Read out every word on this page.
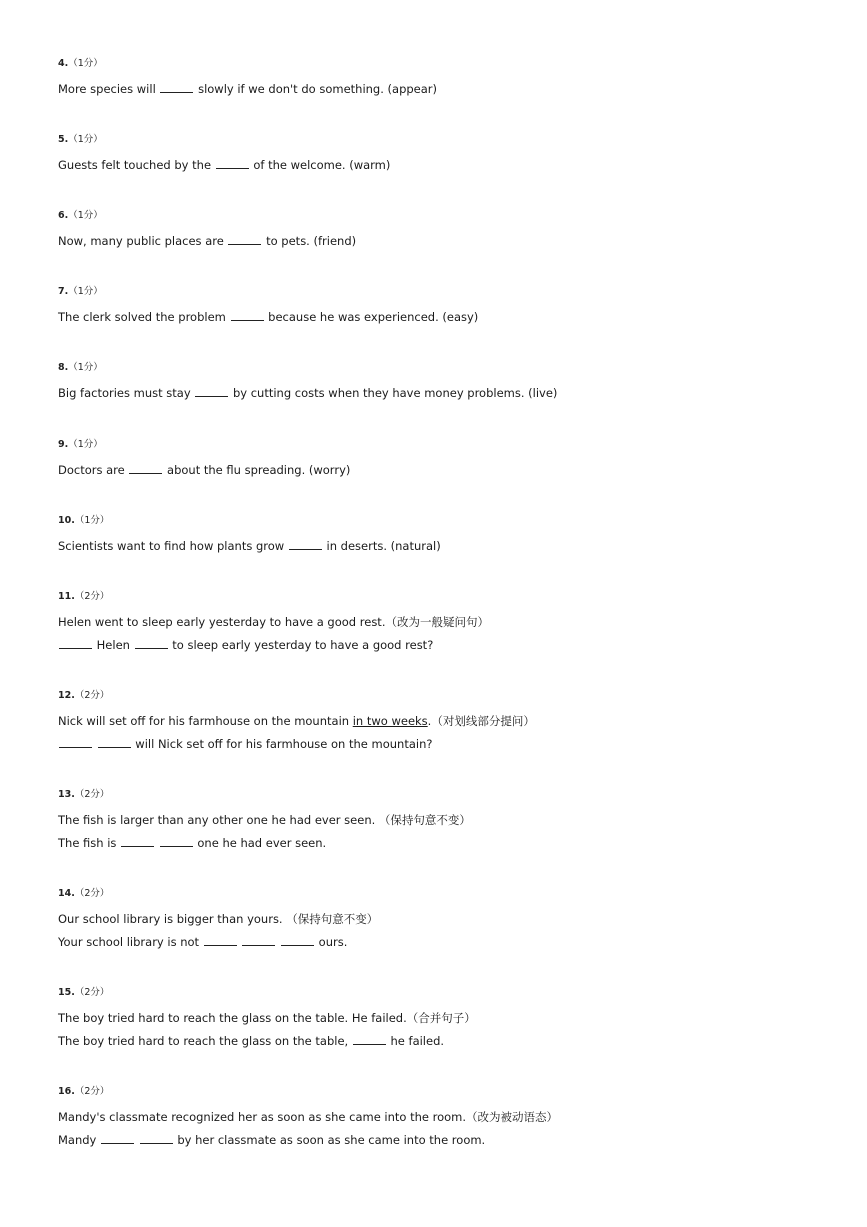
4.（1分）
More species will	slowly if we don't do something. (appear)
5.（1分）
Guests felt touched by the	of the welcome. (warm)
6.（1分）
Now, many public places are	to pets. (friend)
7.（1分）
The clerk solved the problem	because he was experienced. (easy)
8.（1分）
Big factories must stay	by cutting costs when they have money problems. (live)
9.（1分）
Doctors are	about the flu spreading. (worry)
10.（1分）
Scientists want to find how plants grow	in deserts. (natural)
11.（2分）
Helen went to sleep early yesterday to have a good rest.（改为一般疑问句）
Helen	to sleep early yesterday to have a good rest?
12.（2分）
Nick will set off for his farmhouse on the mountain in two weeks.（对划线部分提问）
will Nick set off for his farmhouse on the mountain?
13.（2分）
The fish is larger than any other one he had ever seen. （保持句意不变）
The fish is	one he had ever seen.
14.（2分）
Our school library is bigger than yours. （保持句意不变）
Your school library is not	ours.
15.（2分）
The boy tried hard to reach the glass on the table. He failed.（合并句子）
The boy tried hard to reach the glass on the table,	he failed.
16.（2分）
Mandy's classmate recognized her as soon as she came into the room.（改为被动语态）
Mandy	by her classmate as soon as she came into the room.
